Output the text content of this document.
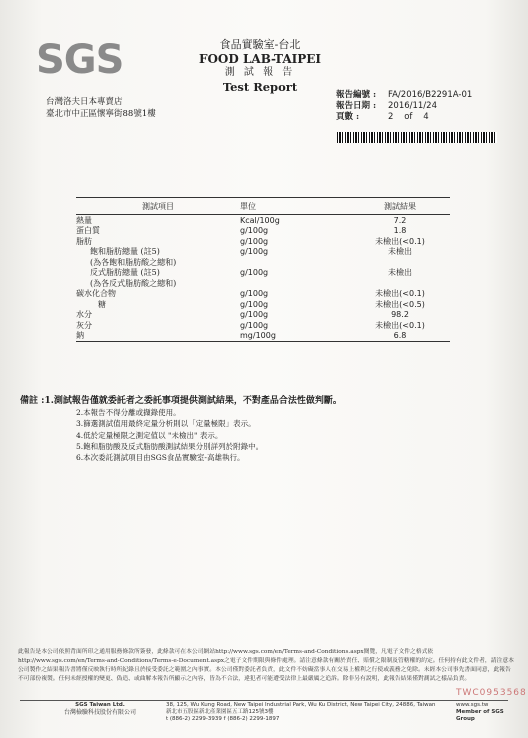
SGS	食品實驗室-台北
FOOD LAB-TAIPEI
測 試 報 告
Test Report
台灣洛夫日本專賣店
臺北市中正區懷寧街88號1樓
報告編號 :	FA/2016/B2291A-01
報告日期 :	2016/11/24
頁數 :	2    of    4
測試項目	單位	測試結果
熱量	Kcal/100g	7.2
蛋白質	g/100g	1.8
脂肪	g/100g	未檢出(<0.1)
飽和脂肪總量 (註5)	g/100g	未檢出
(為各飽和脂肪酸之總和)
反式脂肪總量 (註5)	g/100g	未檢出
(為各反式脂肪酸之總和)
碳水化合物	g/100g	未檢出(<0.1)
糖	g/100g	未檢出(<0.5)
水分	g/100g	98.2
灰分	g/100g	未檢出(<0.1)
鈉	mg/100g	6.8
備註 :1.測試報告僅就委託者之委託事項提供測試結果，不對產品合法性做判斷。
2.本報告不得分離或擷錄使用。
3.篩選測試值用最終定量分析則以「定量極限」表示。
4.低於定量極限之測定值以 "未檢出" 表示。
5.飽和脂肪酸及反式脂肪酸測試結果分別詳列於附錄中。
6.本次委託測試項目由SGS食品實驗室-高雄執行。
此報告是本公司依照背面所印之通用服務條款所簽發，此條款可在本公司網站http://www.sgs.com/en/Terms-and-Conditions.aspx閱覽，凡電子文件之格式依http://www.sgs.com/en/Terms-and-Conditions/Terms-e-Document.aspx之電子文件期限與條件處理。請注意條款有關於責任、賠償之限制及管轄權的約定。任何持有此文件者，請注意本公司製作之結果報告書將僅反映執行時所紀錄且於接受委託之範圍之內事實。本公司僅對委託者負責，此文件不妨礙當事人在交易上權利之行使或義務之免除。未經本公司事先書面同意，此報告不可部份複製。任何未經授權的變更、偽造、或曲解本報告所顯示之內容，皆為不合法，違犯者可能遭受法律上最嚴厲之追訴。除非另有說明，此報告結果僅對測試之樣品負責。
TWC0953568
SGS Taiwan Ltd.
台灣檢驗科技股份有限公司
38, 125, Wu Kung Road, New Taipei Industrial Park, Wu Ku District, New Taipei City, 24886, Taiwan
新北市五股區新北產業園區五工路125號3樓
t (886-2) 2299-3939 f (886-2) 2299-1897
www.sgs.tw
Member of SGS Group
